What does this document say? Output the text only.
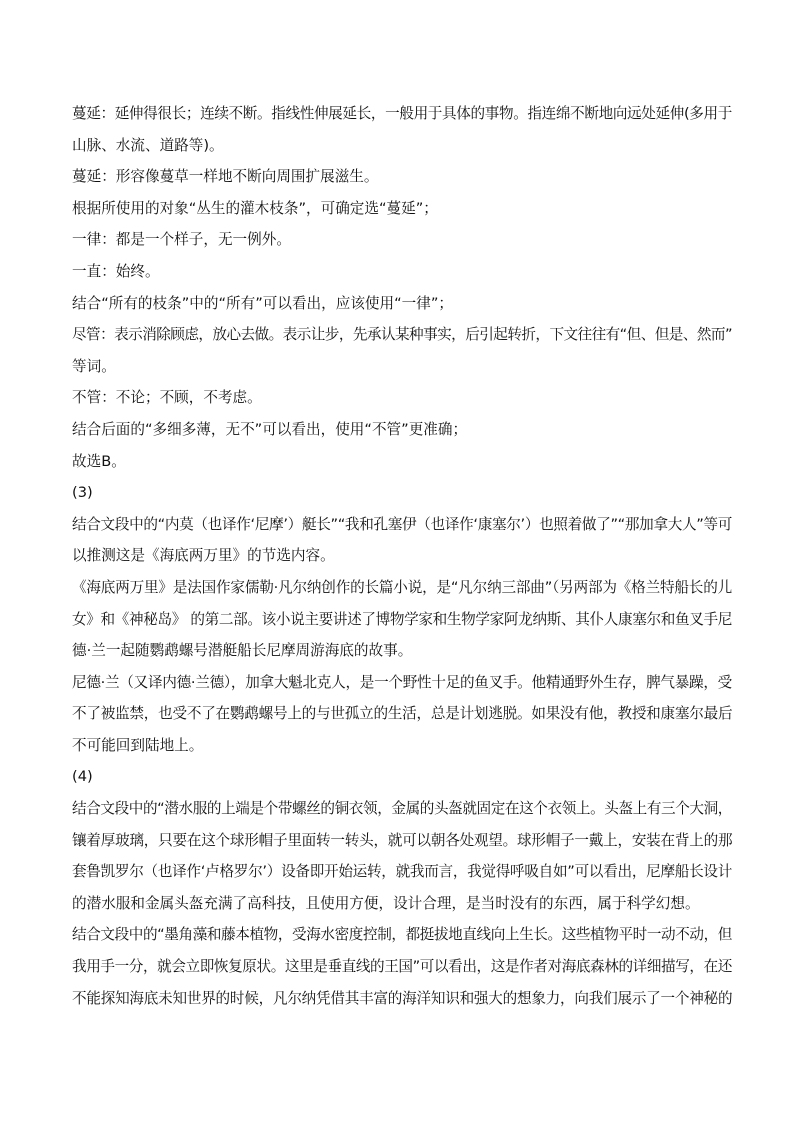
蔓延：延伸得很长；连续不断。指线性伸展延长，一般用于具体的事物。指连绵不断地向远处延伸(多用于
山脉、水流、道路等)。
蔓延：形容像蔓草一样地不断向周围扩展滋生。
根据所使用的对象“丛生的灌木枝条”，可确定选“蔓延”；
一律：都是一个样子，无一例外。
一直：始终。
结合“所有的枝条”中的“所有”可以看出，应该使用“一律”；
尽管：表示消除顾虑，放心去做。表示让步，先承认某种事实，后引起转折，下文往往有“但、但是、然而”
等词。
不管：不论；不顾，不考虑。
结合后面的“多细多薄，无不”可以看出，使用“不管”更准确；
故选B。
(3)
结合文段中的“内莫（也译作‘尼摩’）艇长”“我和孔塞伊（也译作‘康塞尔’）也照着做了”“那加拿大人”等可
以推测这是《海底两万里》的节选内容。
《海底两万里》是法国作家儒勒·凡尔纳创作的长篇小说，是“凡尔纳三部曲”（另两部为《格兰特船长的儿
女》和《神秘岛》 的第二部。该小说主要讲述了博物学家和生物学家阿龙纳斯、其仆人康塞尔和鱼叉手尼
德·兰一起随鹦鹉螺号潜艇船长尼摩周游海底的故事。
尼德·兰（又译内德·兰德），加拿大魁北克人，是一个野性十足的鱼叉手。他精通野外生存，脾气暴躁，受
不了被监禁，也受不了在鹦鹉螺号上的与世孤立的生活，总是计划逃脱。如果没有他，教授和康塞尔最后
不可能回到陆地上。
(4)
结合文段中的“潜水服的上端是个带螺丝的铜衣领，金属的头盔就固定在这个衣领上。头盔上有三个大洞，
镶着厚玻璃，只要在这个球形帽子里面转一转头，就可以朝各处观望。球形帽子一戴上，安装在背上的那
套鲁凯罗尔（也译作‘卢格罗尔’）设备即开始运转，就我而言，我觉得呼吸自如”可以看出，尼摩船长设计
的潜水服和金属头盔充满了高科技，且使用方便，设计合理，是当时没有的东西，属于科学幻想。
结合文段中的“墨角藻和藤本植物，受海水密度控制，都挺拔地直线向上生长。这些植物平时一动不动，但
我用手一分，就会立即恢复原状。这里是垂直线的王国”可以看出，这是作者对海底森林的详细描写，在还
不能探知海底未知世界的时候，凡尔纳凭借其丰富的海洋知识和强大的想象力，向我们展示了一个神秘的
